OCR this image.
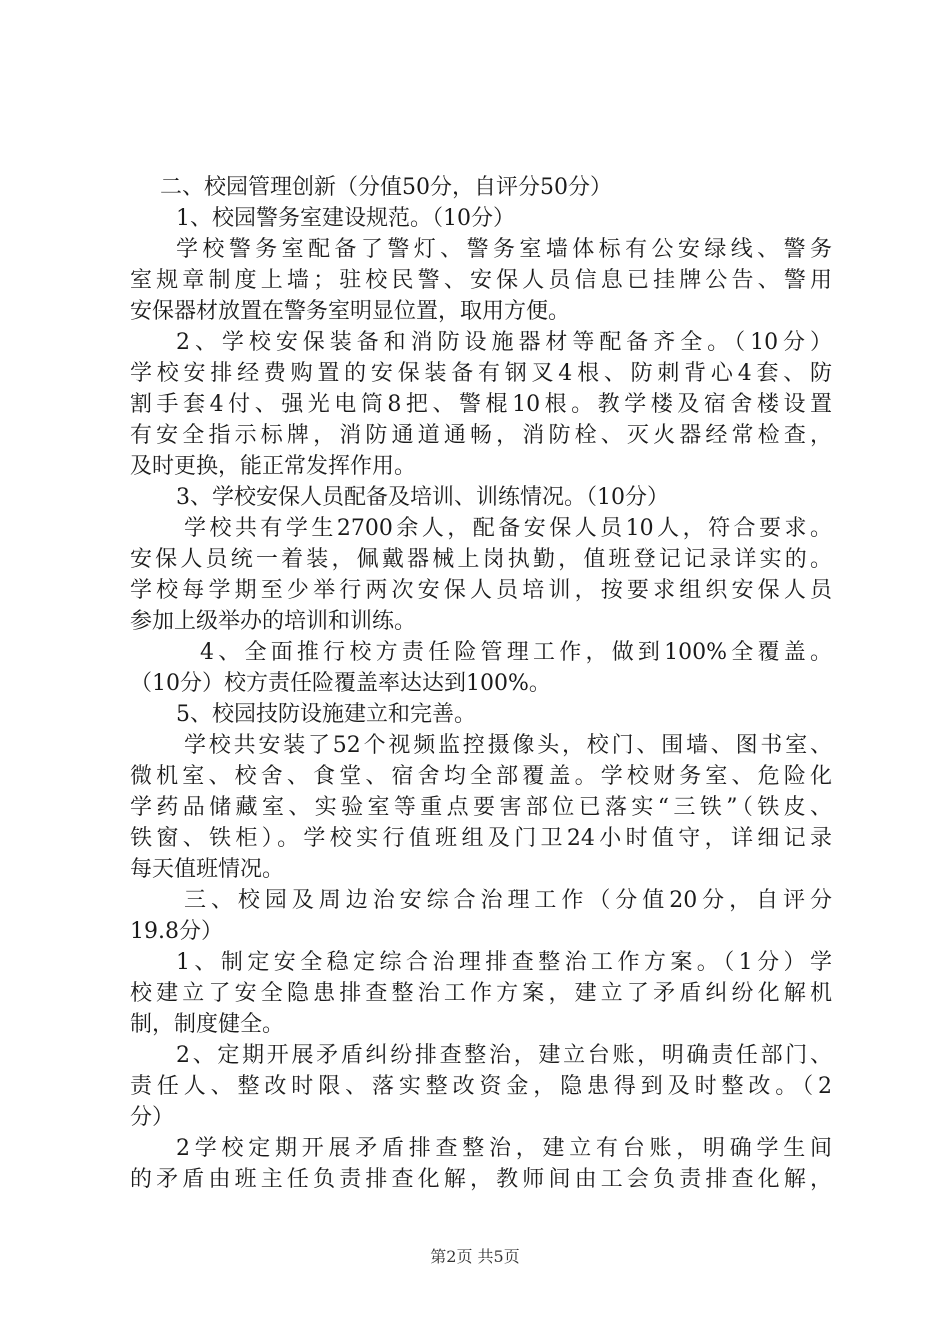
二、校园管理创新（分值50分，自评分50分）
1、校园警务室建设规范。（10分）
学校警务室配备了警灯、警务室墙体标有公安绿线、警务
室规章制度上墙；驻校民警、安保人员信息已挂牌公告、警用
安保器材放置在警务室明显位置，取用方便。
2、学校安保装备和消防设施器材等配备齐全。（10分）
学校安排经费购置的安保装备有钢叉4根、防刺背心4套、防
割手套4付、强光电筒8把、警棍10根。教学楼及宿舍楼设置
有安全指示标牌，消防通道通畅，消防栓、灭火器经常检查，
及时更换，能正常发挥作用。
3、学校安保人员配备及培训、训练情况。（10分）
学校共有学生2700余人，配备安保人员10人，符合要求。
安保人员统一着装，佩戴器械上岗执勤，值班登记记录详实的。
学校每学期至少举行两次安保人员培训，按要求组织安保人员
参加上级举办的培训和训练。
4、全面推行校方责任险管理工作，做到100%全覆盖。
（10分）校方责任险覆盖率达达到100%。
5、校园技防设施建立和完善。
学校共安装了52个视频监控摄像头，校门、围墙、图书室、
微机室、校舍、食堂、宿舍均全部覆盖。学校财务室、危险化
学药品储藏室、实验室等重点要害部位已落实“三铁”（铁皮、
铁窗、铁柜）。学校实行值班组及门卫24小时值守，详细记录
每天值班情况。
三、校园及周边治安综合治理工作（分值20分，自评分
19.8分）
1、制定安全稳定综合治理排查整治工作方案。（1分）学
校建立了安全隐患排查整治工作方案，建立了矛盾纠纷化解机
制，制度健全。
2、定期开展矛盾纠纷排查整治，建立台账，明确责任部门、
责任人、整改时限、落实整改资金，隐患得到及时整改。（2
分）
2学校定期开展矛盾排查整治，建立有台账，明确学生间
的矛盾由班主任负责排查化解，教师间由工会负责排查化解，
第2页 共5页
